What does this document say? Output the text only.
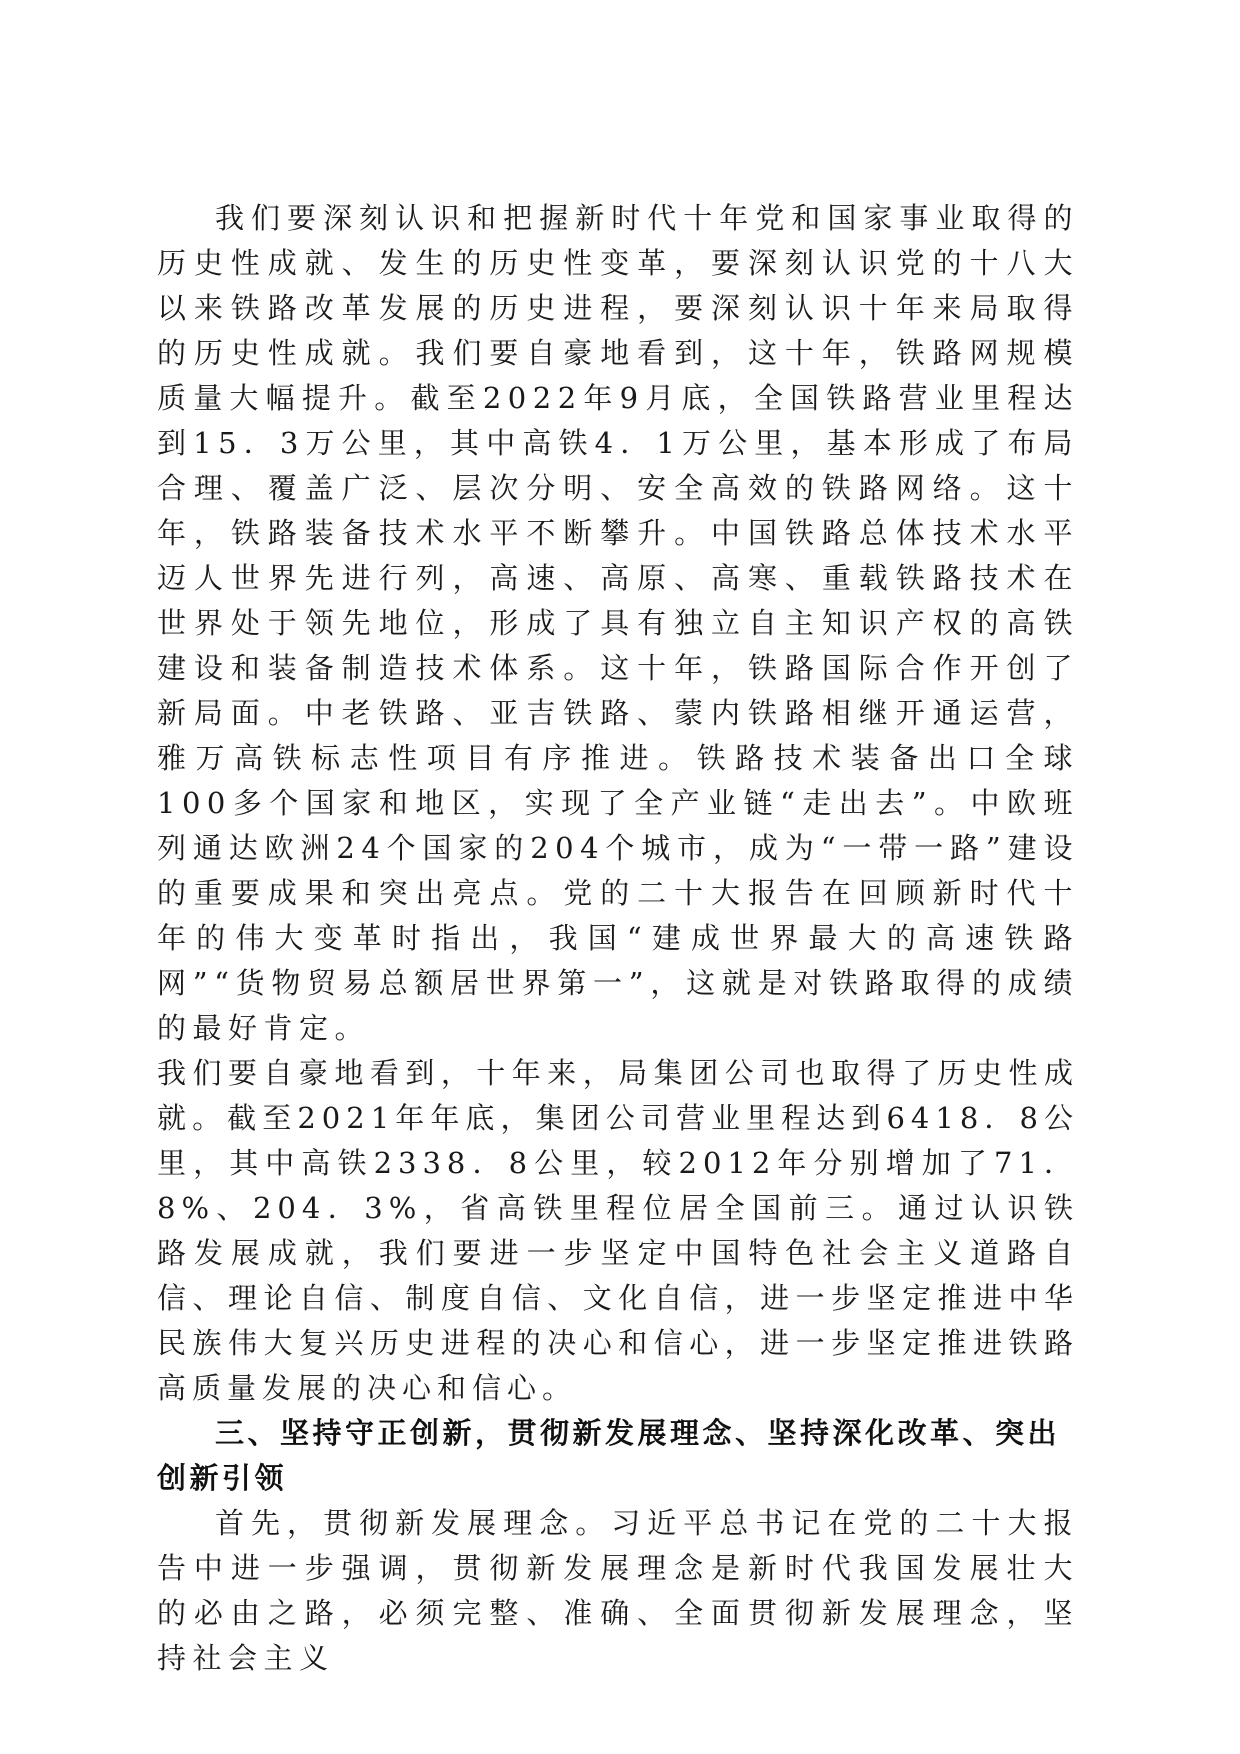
我们要深刻认识和把握新时代十年党和国家事业取得的历史性成就、发生的历史性变革，要深刻认识党的十八大以来铁路改革发展的历史进程，要深刻认识十年来局取得的历史性成就。我们要自豪地看到，这十年，铁路网规模质量大幅提升。截至2022年9月底，全国铁路营业里程达到15．3万公里，其中高铁4．1万公里，基本形成了布局合理、覆盖广泛、层次分明、安全高效的铁路网络。这十年，铁路装备技术水平不断攀升。中国铁路总体技术水平迈人世界先进行列，高速、高原、高寒、重载铁路技术在世界处于领先地位，形成了具有独立自主知识产权的高铁建设和装备制造技术体系。这十年，铁路国际合作开创了新局面。中老铁路、亚吉铁路、蒙内铁路相继开通运营，雅万高铁标志性项目有序推进。铁路技术装备出口全球100多个国家和地区，实现了全产业链“走出去”。中欧班列通达欧洲24个国家的204个城市，成为“一带一路”建设的重要成果和突出亮点。党的二十大报告在回顾新时代十年的伟大变革时指出，我国“建成世界最大的高速铁路网”“货物贸易总额居世界第一”，这就是对铁路取得的成绩的最好肯定。

我们要自豪地看到，十年来，局集团公司也取得了历史性成就。截至2021年年底，集团公司营业里程达到6418．8公里，其中高铁2338．8公里，较2012年分别增加了71．8%、204．3%，省高铁里程位居全国前三。通过认识铁路发展成就，我们要进一步坚定中国特色社会主义道路自信、理论自信、制度自信、文化自信，进一步坚定推进中华民族伟大复兴历史进程的决心和信心，进一步坚定推进铁路高质量发展的决心和信心。

三、坚持守正创新，贯彻新发展理念、坚持深化改革、突出创新引领

首先，贯彻新发展理念。习近平总书记在党的二十大报告中进一步强调，贯彻新发展理念是新时代我国发展壮大的必由之路，必须完整、准确、全面贯彻新发展理念，坚持社会主义
